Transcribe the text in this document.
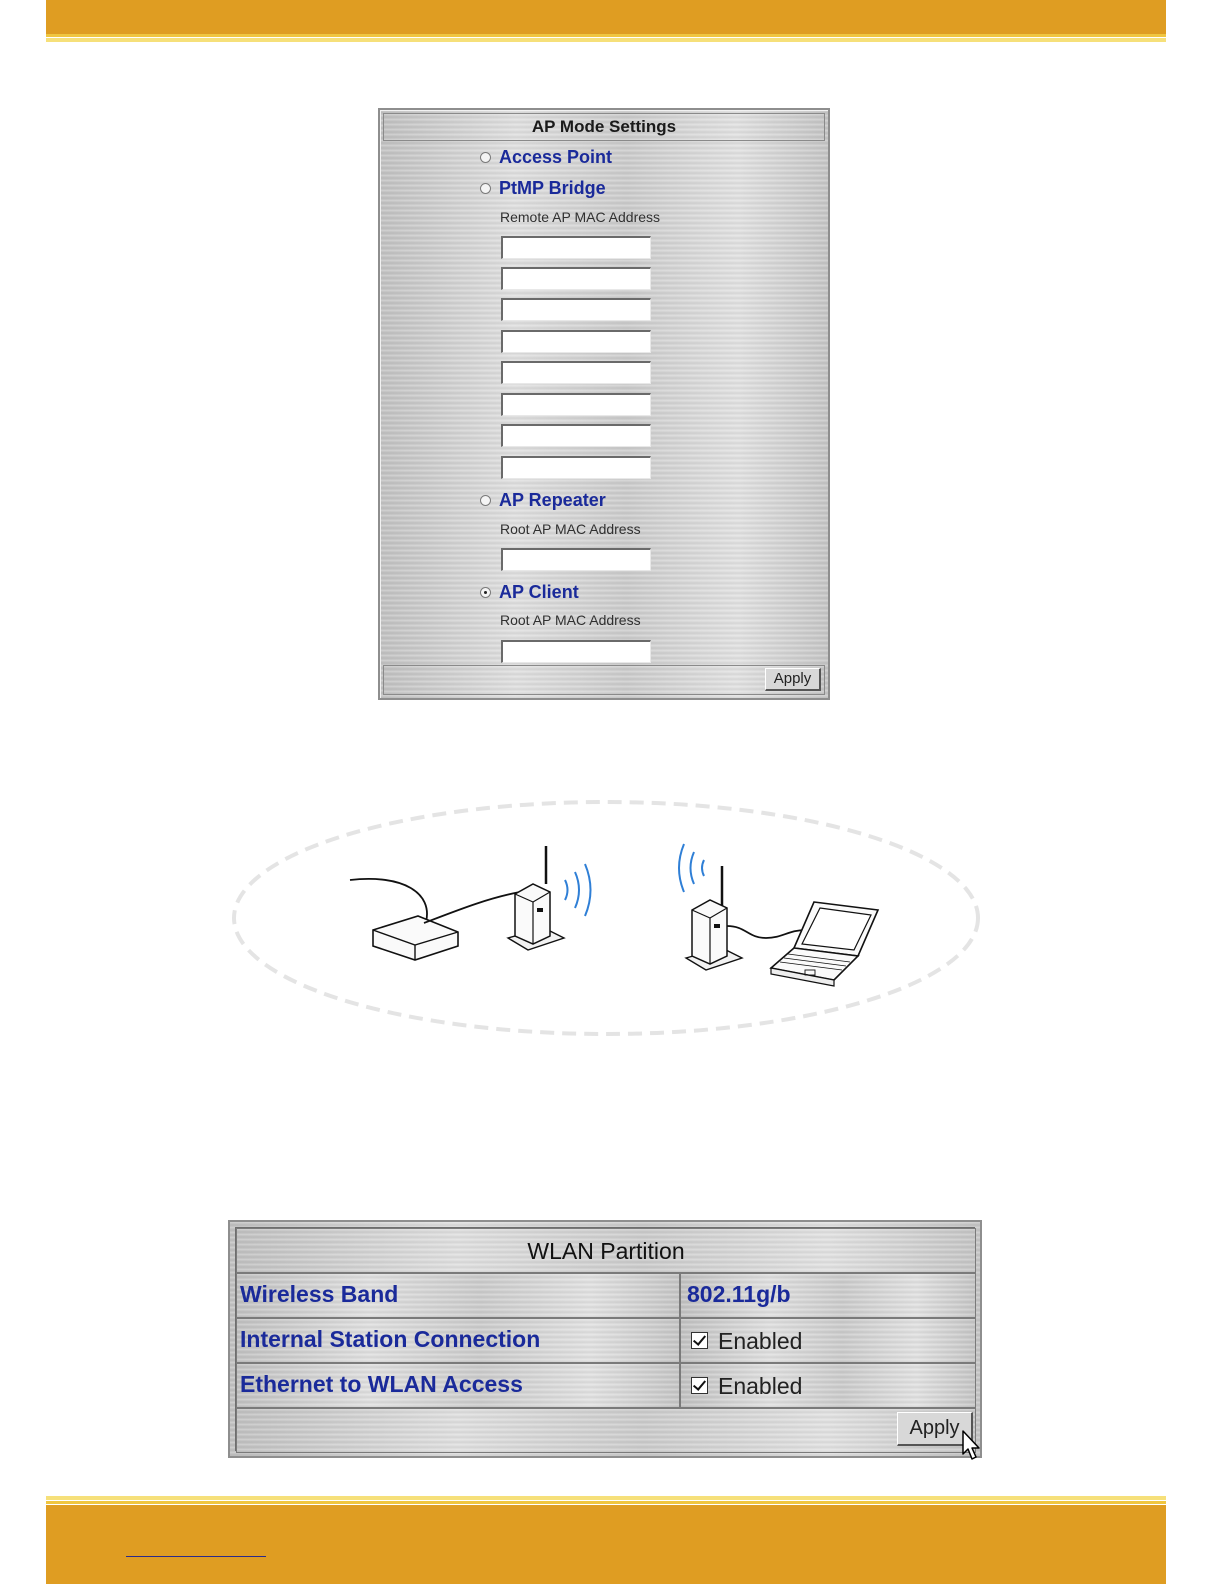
AP Mode Settings
Access Point
PtMP Bridge
Remote AP MAC Address
AP Repeater
Root AP MAC Address
AP Client
Root AP MAC Address
Apply
WLAN Partition
Wireless Band	802.11g/b
Internal Station Connection	Enabled
Ethernet to WLAN Access	Enabled
Apply
